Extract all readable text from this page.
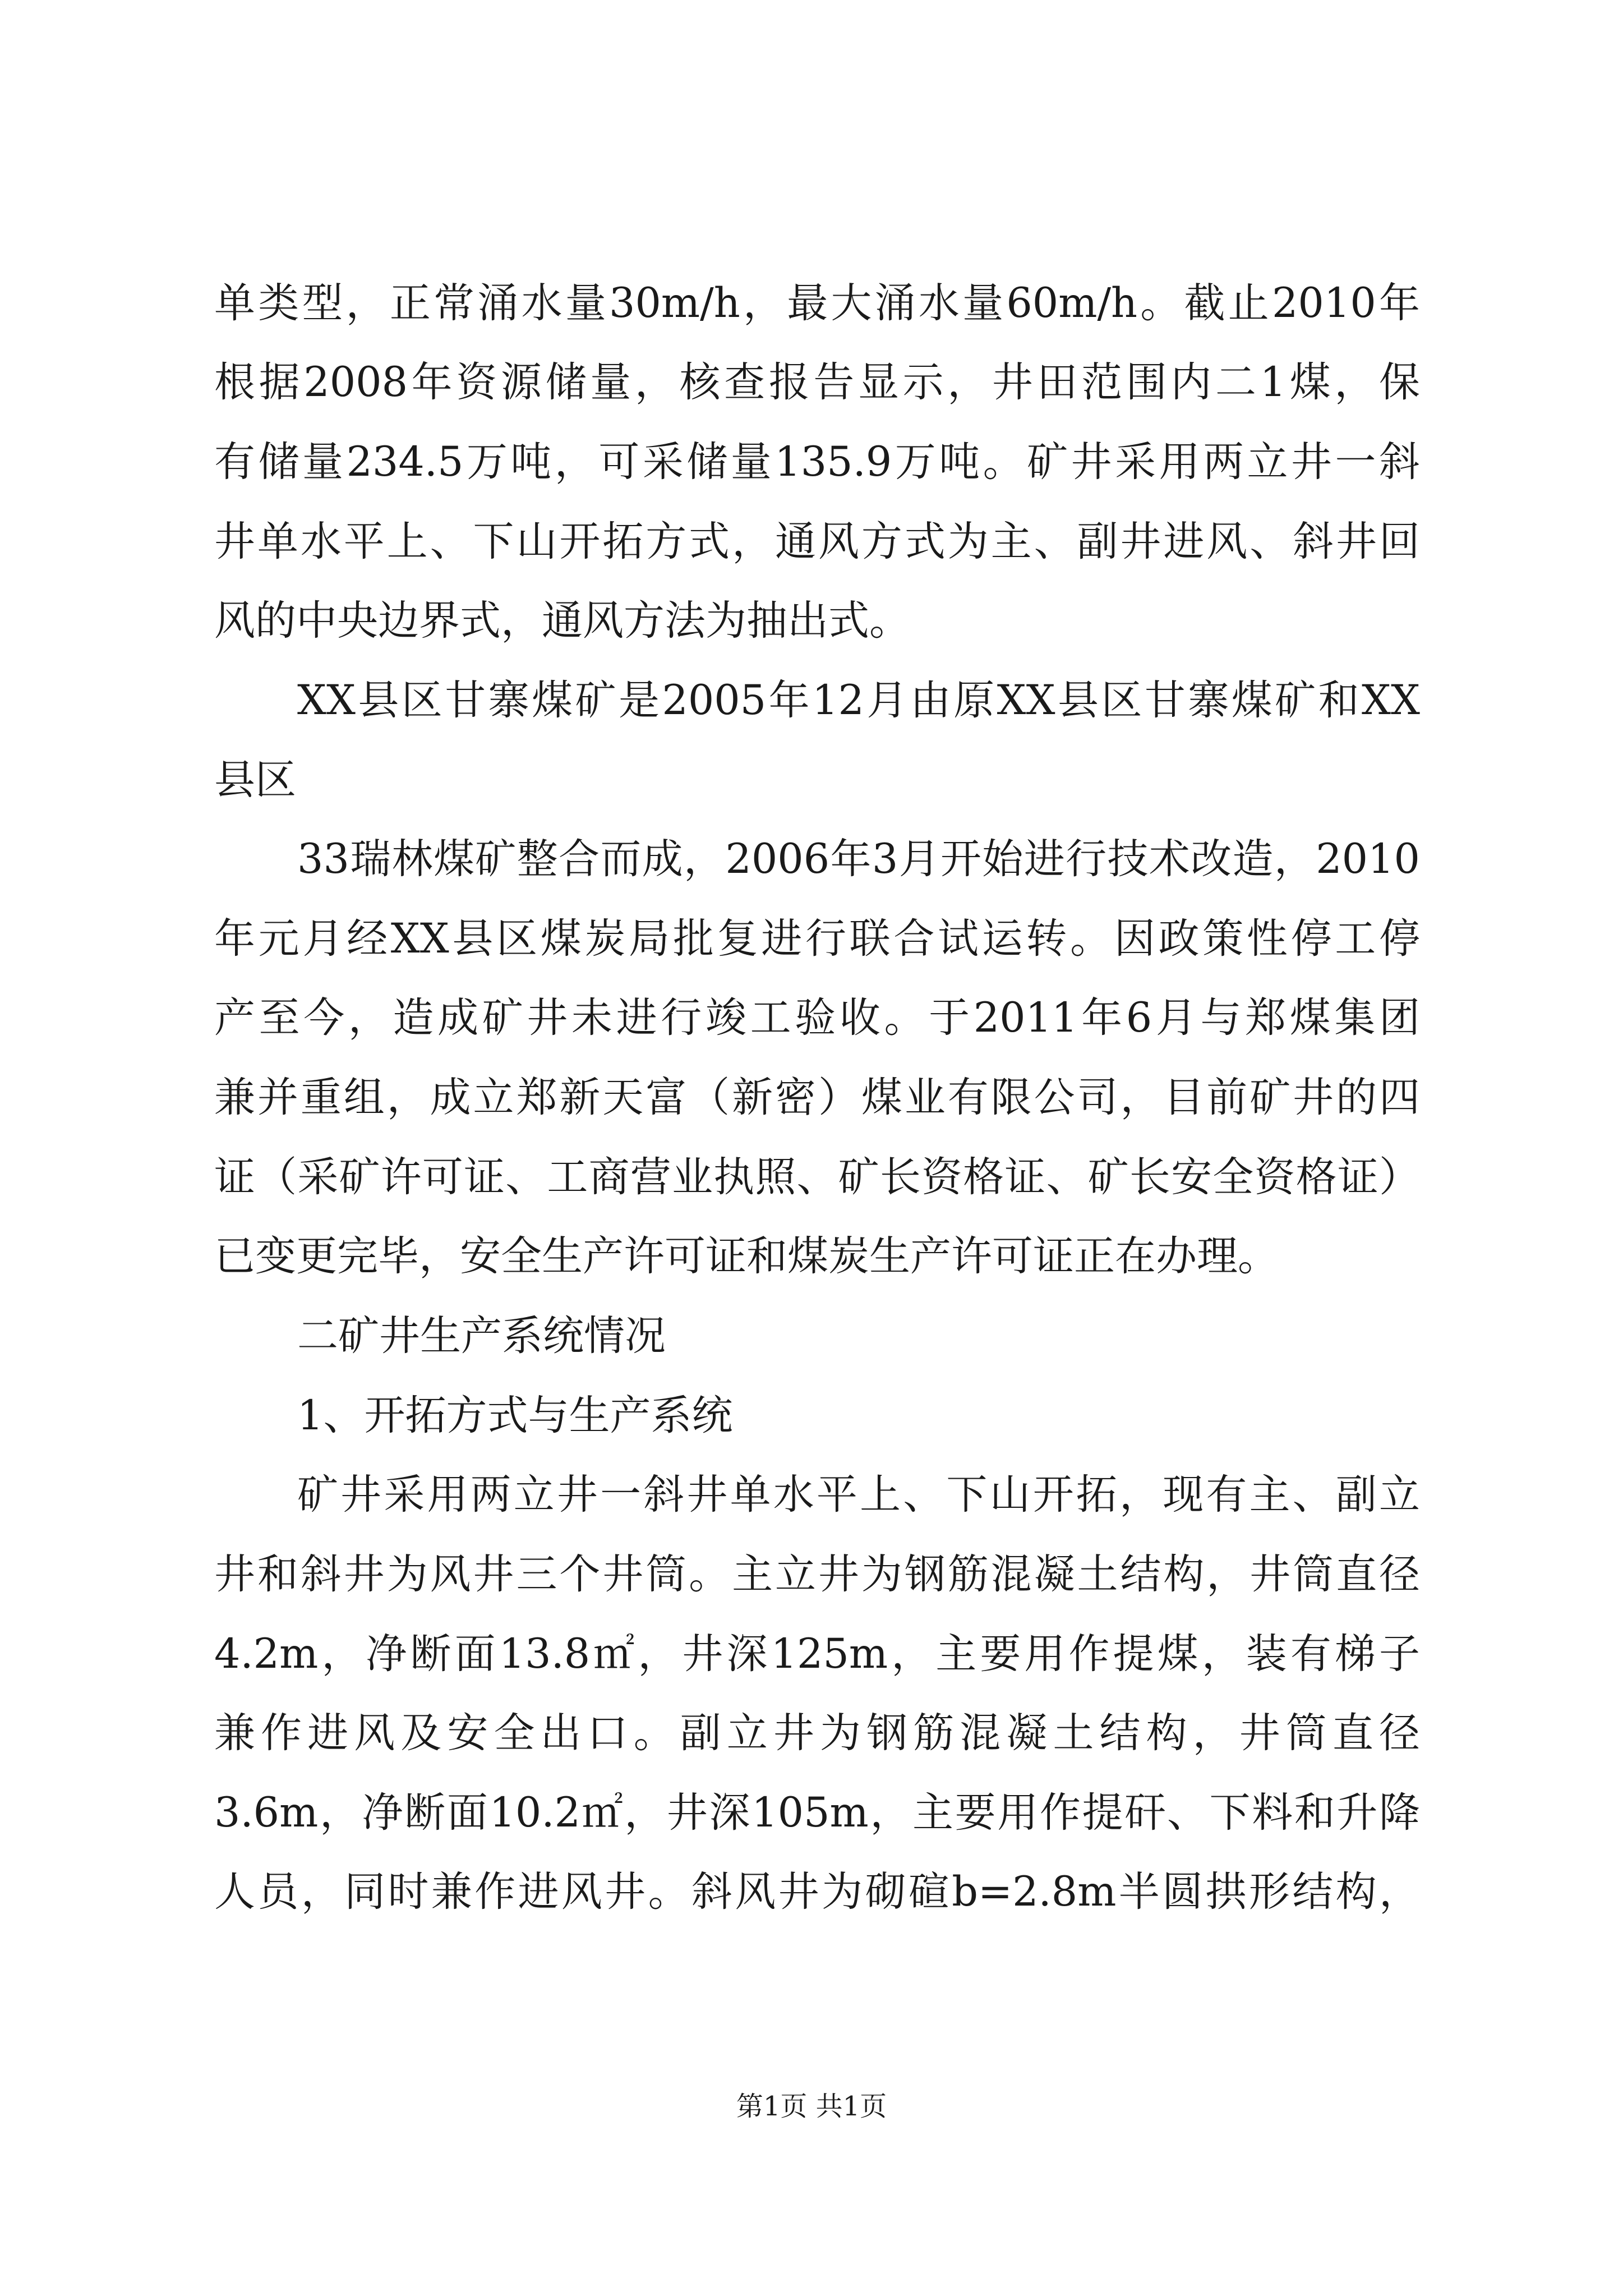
单类型，正常涌水量30m/h，最大涌水量60m/h。截止2010年
根据2008年资源储量，核查报告显示，井田范围内二1煤，保
有储量234.5万吨，可采储量135.9万吨。矿井采用两立井一斜
井单水平上、下山开拓方式，通风方式为主、副井进风、斜井回
风的中央边界式，通风方法为抽出式。
XX县区甘寨煤矿是2005年12月由原XX县区甘寨煤矿和XX
县区
33瑞林煤矿整合而成，2006年3月开始进行技术改造，2010
年元月经XX县区煤炭局批复进行联合试运转。因政策性停工停
产至今，造成矿井未进行竣工验收。于2011年6月与郑煤集团
兼并重组，成立郑新天富（新密）煤业有限公司，目前矿井的四
证（采矿许可证、工商营业执照、矿长资格证、矿长安全资格证）
已变更完毕，安全生产许可证和煤炭生产许可证正在办理。
二矿井生产系统情况
1、开拓方式与生产系统
矿井采用两立井一斜井单水平上、下山开拓，现有主、副立
井和斜井为风井三个井筒。主立井为钢筋混凝土结构，井筒直径
4.2m，净断面13.8㎡，井深125m，主要用作提煤，装有梯子
兼作进风及安全出口。副立井为钢筋混凝土结构，井筒直径
3.6m，净断面10.2㎡，井深105m，主要用作提矸、下料和升降
人员，同时兼作进风井。斜风井为砌碹b=2.8m半圆拱形结构，
第1页 共1页
